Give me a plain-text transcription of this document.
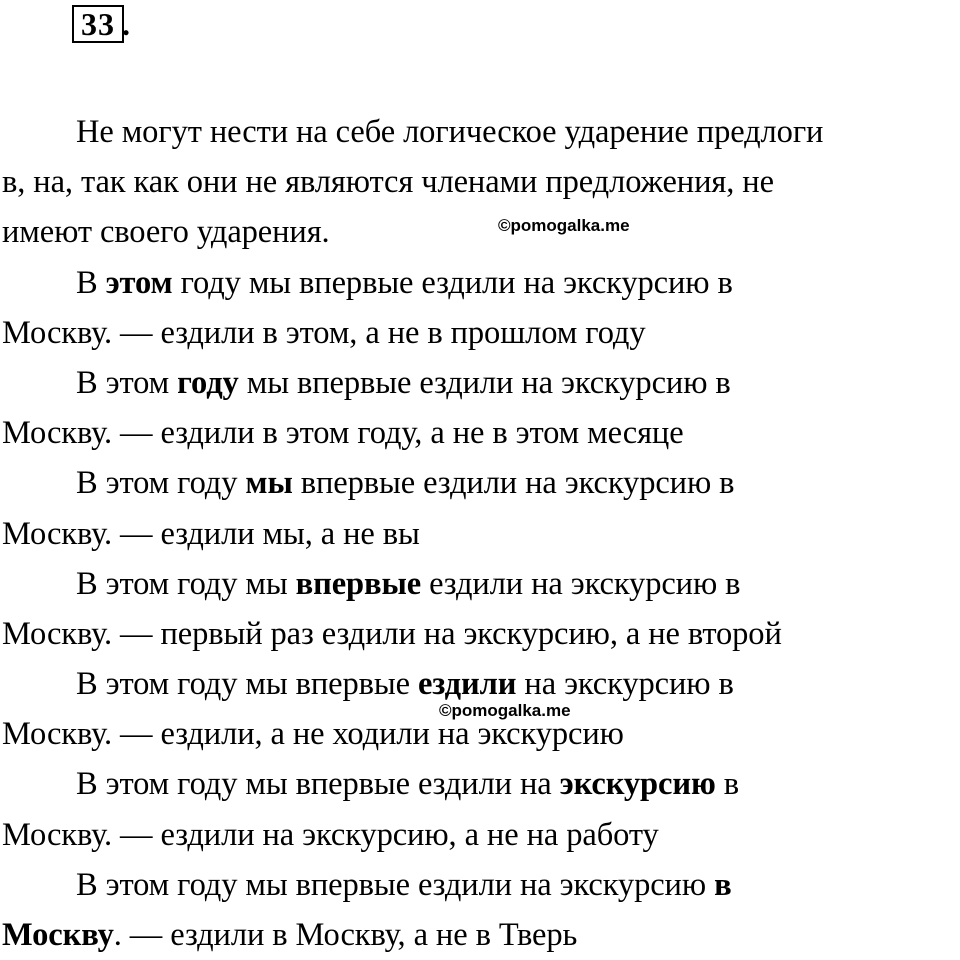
33 .
Не могут нести на себе логическое ударение предлоги
в, на, так как они не являются членами предложения, не
имеют своего ударения.
В этом году мы впервые ездили на экскурсию в
Москву. — ездили в этом, а не в прошлом году
В этом году мы впервые ездили на экскурсию в
Москву. — ездили в этом году, а не в этом месяце
В этом году мы впервые ездили на экскурсию в
Москву. — ездили мы, а не вы
В этом году мы впервые ездили на экскурсию в
Москву. — первый раз ездили на экскурсию, а не второй
В этом году мы впервые ездили на экскурсию в
Москву. — ездили, а не ходили на экскурсию
В этом году мы впервые ездили на экскурсию в
Москву. — ездили на экскурсию, а не на работу
В этом году мы впервые ездили на экскурсию в
Москву. — ездили в Москву, а не в Тверь
©pomogalka.me
©pomogalka.me
